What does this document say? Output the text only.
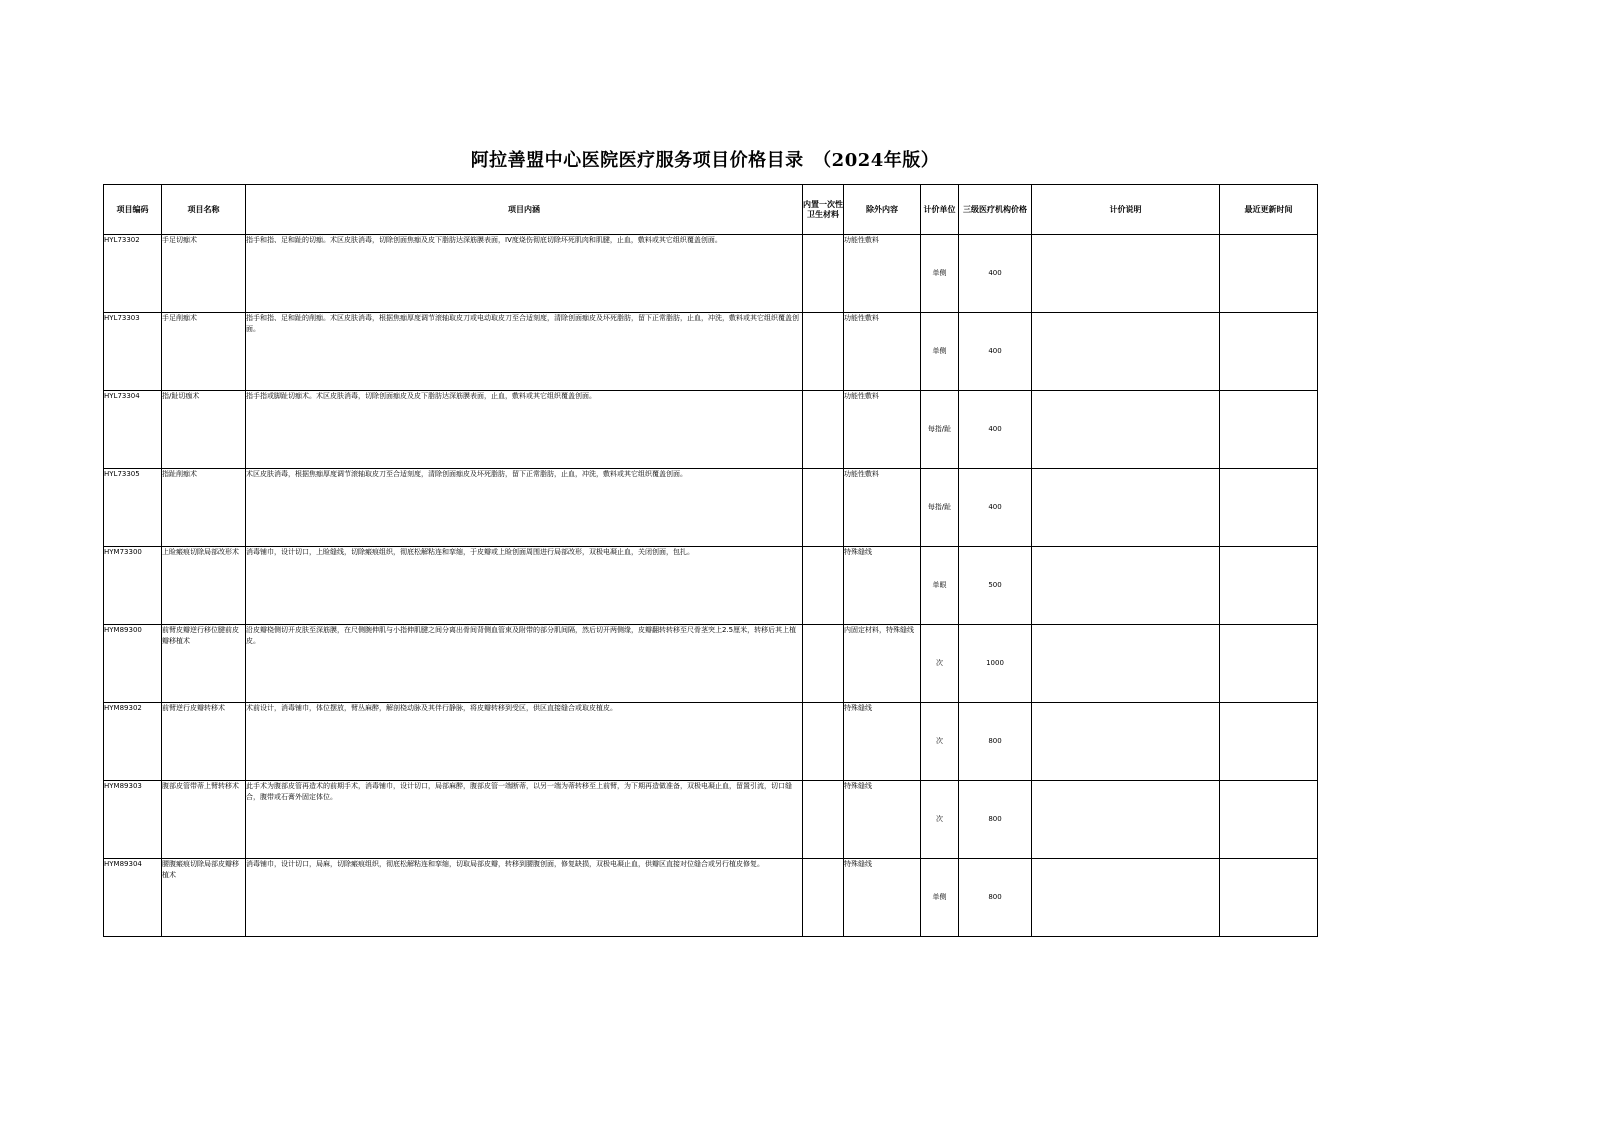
阿拉善盟中心医院医疗服务项目价格目录　（2024年版）
项目编码	项目名称	项目内涵	内置一次性卫生材料	除外内容	计价单位	三级医疗机构价格	计价说明	最近更新时间
HYL73302	手足切痂术	指手和指、足和趾的切痂。术区皮肤消毒，切除创面焦痂及皮下脂肪达深筋膜表面，IV度烧伤彻底切除坏死肌肉和肌腱，止血，敷料或其它组织覆盖创面。		功能性敷料	单侧	400		
HYL73303	手足削痂术	指手和指、足和趾的削痂。术区皮肤消毒，根据焦痂厚度调节滚轴取皮刀或电动取皮刀至合适刻度，清除创面痂皮及坏死脂肪，留下正常脂肪，止血，冲洗，敷料或其它组织覆盖创面。		功能性敷料	单侧	400		
HYL73304	指/趾切痂术	指手指或脚趾切痂术。术区皮肤消毒，切除创面痂皮及皮下脂肪达深筋膜表面，止血，敷料或其它组织覆盖创面。		功能性敷料	每指/趾	400		
HYL73305	指趾削痂术	术区皮肤消毒，根据焦痂厚度调节滚轴取皮刀至合适刻度，清除创面痂皮及坏死脂肪，留下正常脂肪，止血，冲洗，敷料或其它组织覆盖创面。		功能性敷料	每指/趾	400		
HYM73300	上睑瘢痕切除局部改形术	消毒铺巾，设计切口，上睑缝线，切除瘢痕组织，彻底松解粘连和挛缩，于皮瓣或上睑创面周围进行局部改形，双极电凝止血，关闭创面，包扎。		特殊缝线	单眼	500		
HYM89300	前臂皮瓣逆行移位腱前皮瓣移植术	沿皮瓣桡侧切开皮肤至深筋膜，在尺侧腕伸肌与小指伸肌腱之间分离出骨间背侧血管束及附带的部分肌间隔，然后切开两侧缘，皮瓣翻转转移至尺骨茎突上2.5厘米，转移后其上植皮。		内固定材料，特殊缝线	次	1000		
HYM89302	前臂逆行皮瓣转移术	术前设计，消毒铺巾，体位摆放，臂丛麻醉，解剖桡动脉及其伴行静脉，将皮瓣转移到受区，供区直接缝合或取皮植皮。		特殊缝线	次	800		
HYM89303	腹部皮管带蒂上臂转移术	此手术为腹部皮管再造术的前期手术，消毒铺巾，设计切口，局部麻醉，腹部皮管一端断蒂，以另一端为蒂转移至上前臂，为下期再造做准备，双极电凝止血，留置引流，切口缝合，腹带或石膏外固定体位。		特殊缝线	次	800		
HYM89304	腰腹瘢痕切除局部皮瓣移植术	消毒铺巾，设计切口，局麻，切除瘢痕组织，彻底松解粘连和挛缩，切取局部皮瓣，转移到腰腹创面，修复缺损，双极电凝止血，供瓣区直接对位缝合或另行植皮修复。		特殊缝线	单侧	800		
